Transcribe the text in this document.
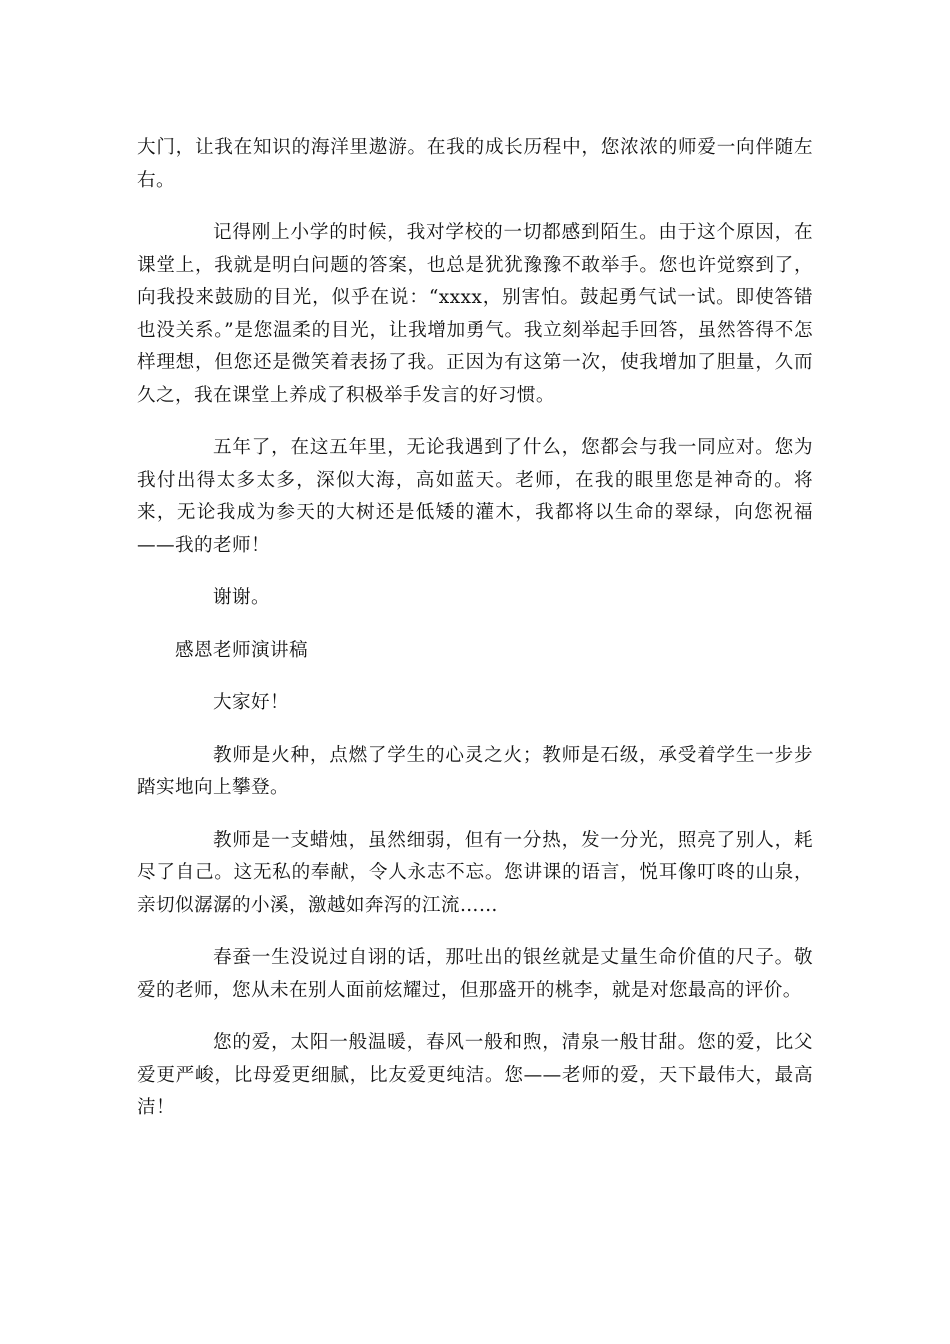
大门，让我在知识的海洋里遨游。在我的成长历程中，您浓浓的师爱一向伴随左右。

记得刚上小学的时候，我对学校的一切都感到陌生。由于这个原因，在课堂上，我就是明白问题的答案，也总是犹犹豫豫不敢举手。您也许觉察到了，向我投来鼓励的目光，似乎在说：“xxxx，别害怕。鼓起勇气试一试。即使答错也没关系。”是您温柔的目光，让我增加勇气。我立刻举起手回答，虽然答得不怎样理想，但您还是微笑着表扬了我。正因为有这第一次，使我增加了胆量，久而久之，我在课堂上养成了积极举手发言的好习惯。

五年了，在这五年里，无论我遇到了什么，您都会与我一同应对。您为我付出得太多太多，深似大海，高如蓝天。老师，在我的眼里您是神奇的。将来，无论我成为参天的大树还是低矮的灌木，我都将以生命的翠绿，向您祝福——我的老师！

谢谢。

感恩老师演讲稿

大家好！

教师是火种，点燃了学生的心灵之火；教师是石级，承受着学生一步步踏实地向上攀登。

教师是一支蜡烛，虽然细弱，但有一分热，发一分光，照亮了别人，耗尽了自己。这无私的奉献，令人永志不忘。您讲课的语言，悦耳像叮咚的山泉，亲切似潺潺的小溪，激越如奔泻的江流……

春蚕一生没说过自诩的话，那吐出的银丝就是丈量生命价值的尺子。敬爱的老师，您从未在别人面前炫耀过，但那盛开的桃李，就是对您最高的评价。

您的爱，太阳一般温暖，春风一般和煦，清泉一般甘甜。您的爱，比父爱更严峻，比母爱更细腻，比友爱更纯洁。您——老师的爱，天下最伟大，最高洁！
